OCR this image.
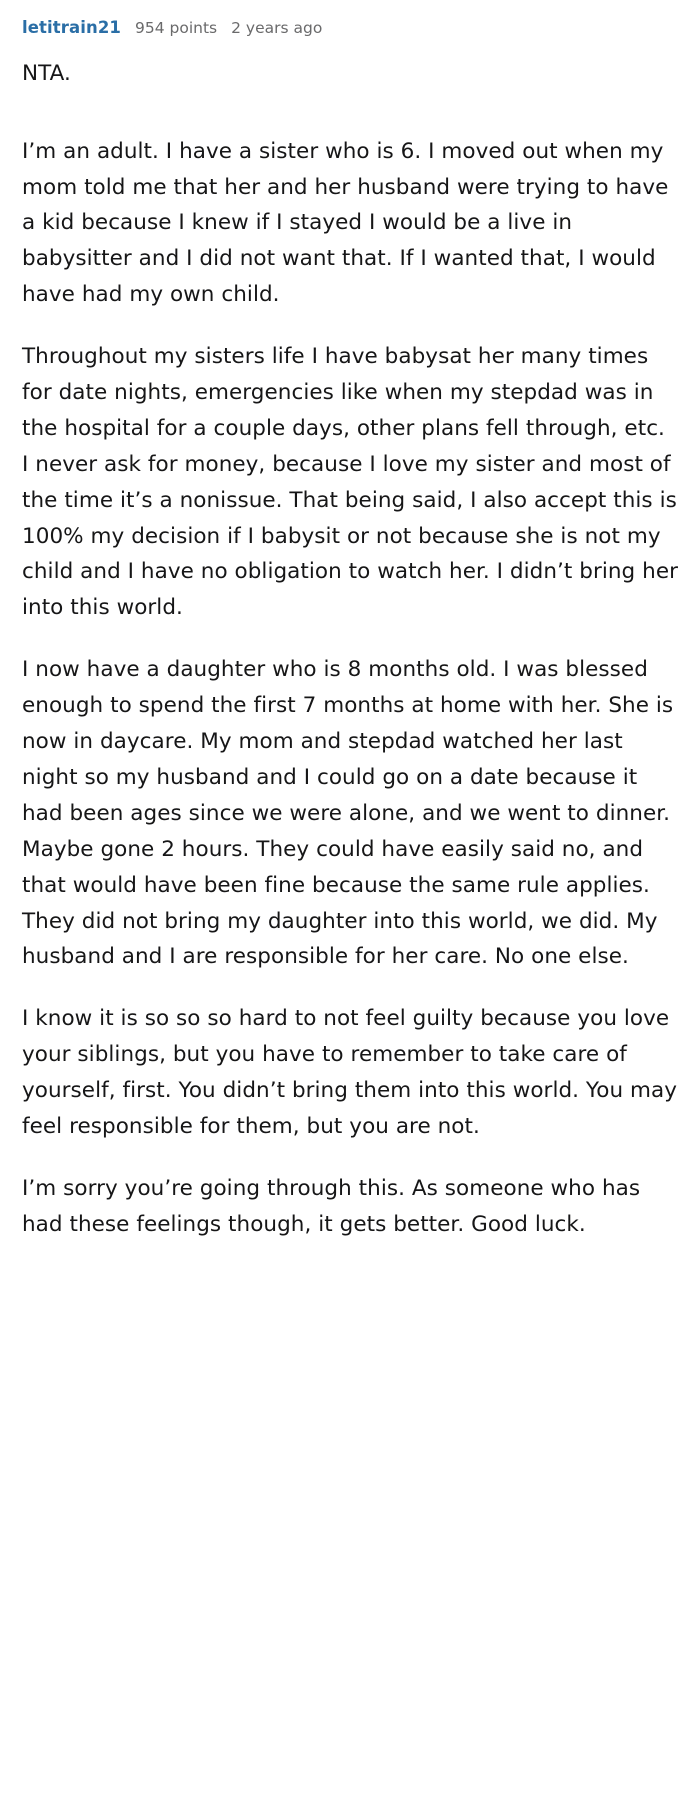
letitrain21 954 points 2 years ago

NTA.

I’m an adult. I have a sister who is 6. I moved out when my mom told me that her and her husband were trying to have a kid because I knew if I stayed I would be a live in babysitter and I did not want that. If I wanted that, I would have had my own child.

Throughout my sisters life I have babysat her many times for date nights, emergencies like when my stepdad was in the hospital for a couple days, other plans fell through, etc. I never ask for money, because I love my sister and most of the time it’s a nonissue. That being said, I also accept this is 100% my decision if I babysit or not because she is not my child and I have no obligation to watch her. I didn’t bring her into this world.

I now have a daughter who is 8 months old. I was blessed enough to spend the first 7 months at home with her. She is now in daycare. My mom and stepdad watched her last night so my husband and I could go on a date because it had been ages since we were alone, and we went to dinner. Maybe gone 2 hours. They could have easily said no, and that would have been fine because the same rule applies. They did not bring my daughter into this world, we did. My husband and I are responsible for her care. No one else.

I know it is so so so hard to not feel guilty because you love your siblings, but you have to remember to take care of yourself, first. You didn’t bring them into this world. You may feel responsible for them, but you are not.

I’m sorry you’re going through this. As someone who has had these feelings though, it gets better. Good luck.
